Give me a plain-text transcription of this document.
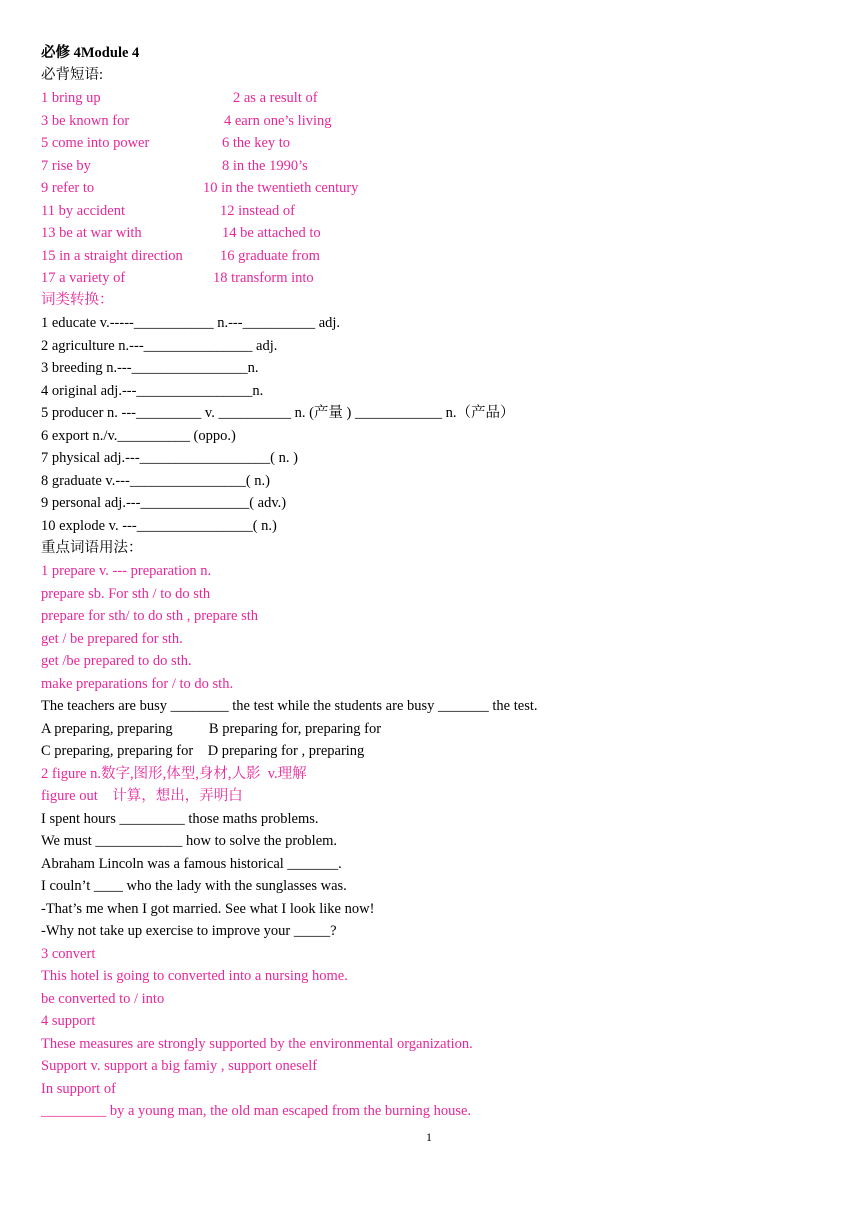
必修 4Module 4
必背短语:
1 bring up	2 as a result of
3 be known for	4 earn one’s living
5 come into power	6 the key to
7 rise by	8 in the 1990’s
9 refer to	10 in the twentieth century
11 by accident	12 instead of
13 be at war with	14 be attached to
15 in a straight direction	16 graduate from
17 a variety of	18 transform into
词类转换：
1 educate v.-----___________ n.---__________ adj.
2 agriculture n.---_______________ adj.
3 breeding n.---________________n.
4 original adj.---________________n.
5 producer n. ---_________ v. __________ n. (产量 ) ____________ n.（产品）
6 export n./v.__________ (oppo.)
7 physical adj.---__________________( n. )
8 graduate v.---________________( n.)
9 personal adj.---_______________( adv.)
10 explode v. ---________________( n.)
重点词语用法：
1 prepare v. --- preparation n.
prepare sb. For sth / to do sth
prepare for sth/ to do sth , prepare sth
get / be prepared for sth.
get /be prepared to do sth.
make preparations for / to do sth.
The teachers are busy ________ the test while the students are busy _______ the test.
A preparing, preparing          B preparing for, preparing for
C preparing, preparing for    D preparing for , preparing
2 figure n.数字,图形,体型,身材,人影  v.理解
figure out    计算，想出，弄明白
I spent hours _________ those maths problems.
We must ____________ how to solve the problem.
Abraham Lincoln was a famous historical _______.
I couln’t ____ who the lady with the sunglasses was.
-That’s me when I got married. See what I look like now!
-Why not take up exercise to improve your _____?
3 convert
This hotel is going to converted into a nursing home.
be converted to / into
4 support
These measures are strongly supported by the environmental organization.
Support v. support a big famiy , support oneself
In support of
_________ by a young man, the old man escaped from the burning house.
1
